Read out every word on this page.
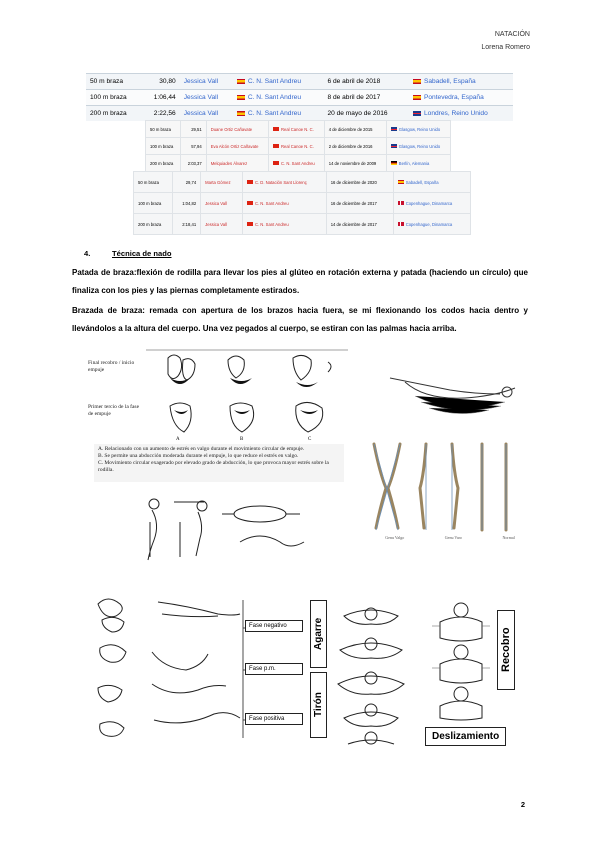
NATACIÓN
Lorena Romero
50 m braza	30,80	Jessica Vall	C. N. Sant Andreu	6 de abril de 2018	Sabadell, España
100 m braza	1:06,44	Jessica Vall	C. N. Sant Andreu	8 de abril de 2017	Pontevedra, España
200 m braza	2:22,56	Jessica Vall	C. N. Sant Andreu	20 de mayo de 2016	Londres, Reino Unido
50 m braza	29,51	Duane Ortiz Cañavate	Real Canoe N. C.	4 de diciembre de 2015	Glasgow, Reino Unido
100 m braza	57,94	Eva Alcón Ortiz Cañavate	Real Canoe N. C.	2 de diciembre de 2016	Glasgow, Reino Unido
200 m braza	2:03,37	Melquiades Álvarez	C. N. Sant Andreu	14 de noviembre de 2009	Berlín, Alemania
50 m braza	29,74	Marta Gómez	C. D. Natación Sant Llorenç	16 de diciembre de 2020	Sabadell, España
100 m braza	1:04,82	Jessica Vall	C. N. Sant Andreu	16 de diciembre de 2017	Copenhague, Dinamarca
200 m braza	2:18,41	Jessica Vall	C. N. Sant Andreu	14 de diciembre de 2017	Copenhague, Dinamarca
4.	Técnica de nado
Patada de braza:flexión de rodilla para llevar los pies al glúteo en rotación externa y patada (haciendo un círculo) que finaliza con los pies y las piernas completamente estirados.
Brazada de braza: remada con apertura de los brazos hacia fuera, se mi flexionando los codos hacia dentro y llevándolos a la altura del cuerpo. Una vez pegados al cuerpo, se estiran con las palmas hacia arriba.
A	B	C
Final recobro / inicio empuje
Primer tercio de la fase de empuje
A. Relacionado con un aumento de estrés en valgo durante el movimiento circular de empuje.
B. Se permite una abducción moderada durante el empuje, lo que reduce el estrés en valgo.
C. Movimiento circular exagerado por elevado grado de abducción, lo que provoca mayor estrés sobre la rodilla.
Genu Valgo	Genu Varo	Normal
Fase negativo
Fase p.m.
Fase positiva
Agarre
Tirón
Recobro
Deslizamiento
2
